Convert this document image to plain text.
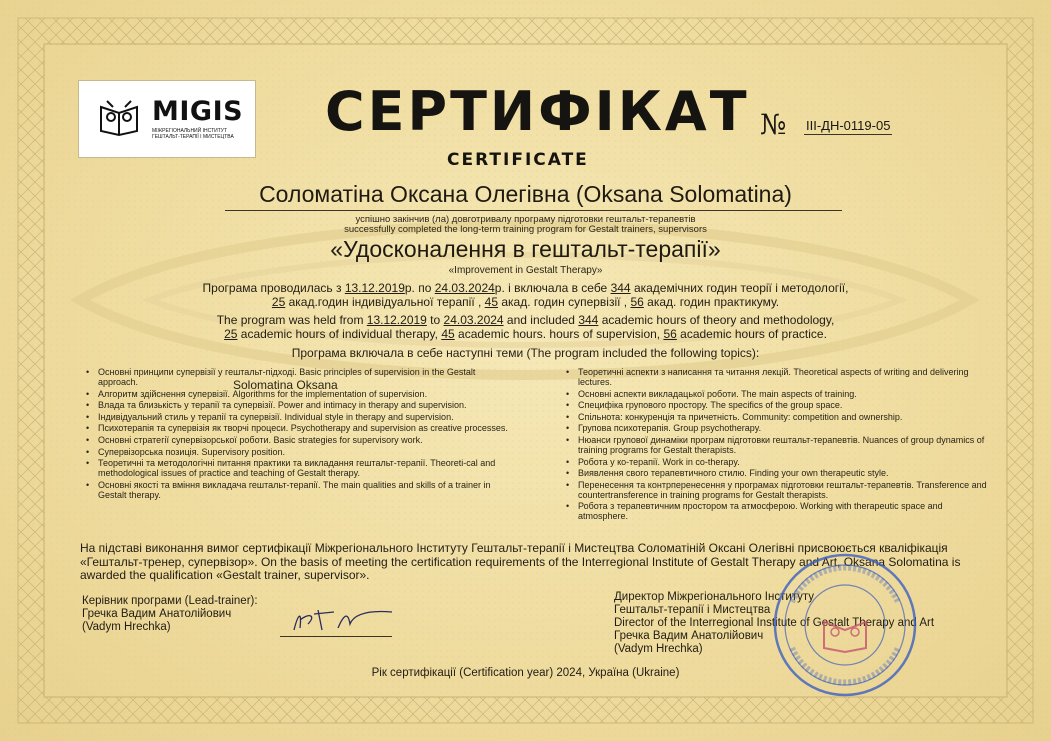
MIGIS
МІЖРЕГІОНАЛЬНИЙ ІНСТИТУТ ГЕШТАЛЬТ-ТЕРАПІЇ І МИСТЕЦТВА СЕРТИФІКАТ
CERTIFICATE
№ III-ДН-0119-05
Соломатіна Оксана Олегівна (Oksana Solomatina)
успішно закінчив (ла) довготривалу програму підготовки гештальт-терапевтів
successfully completed the long-term training program for Gestalt trainers, supervisors
«Удосконалення в гештальт-терапії»
«Improvement in Gestalt Therapy»
Програма проводилась з 13.12.2019р. по 24.03.2024р. і включала в себе 344 академічних годин теорії і методології,
25 акад.годин індивідуальної терапії , 45 акад. годин супервізії , 56 акад. годин практикуму.
The program was held from 13.12.2019 to 24.03.2024 and included 344 academic hours of theory and methodology,
25 academic hours of individual therapy, 45 academic hours. hours of supervision, 56 academic hours of practice.
Програма включала в себе наступні теми (The program included the following topics):
• Основні принципи супервізії у гештальт-підході. Basic principles of supervision in the Gestalt approach.
• Алгоритм здійснення супервізії. Algorithms for the implementation of supervision.
• Влада та близькість у терапії та супервізії. Power and intimacy in therapy and supervision.
• Індивідуальний стиль у терапії та супервізії. Individual style in therapy and supervision.
• Психотерапія та супервізія як творчі процеси. Psychotherapy and supervision as creative processes.
• Основні стратегії супервізорської роботи. Basic strategies for supervisory work.
• Супервізорська позиція. Supervisory position.
• Теоретичні та методологічні питання практики та викладання гештальт-терапії. Theoreti-cal and methodological issues of practice and teaching of Gestalt therapy.
• Основні якості та вміння викладача гештальт-терапії. The main qualities and skills of a trainer in Gestalt therapy.
• Теоретичні аспекти з написання та читання лекцій. Theoretical aspects of writing and delivering lectures.
• Основні аспекти викладацької роботи. The main aspects of training.
• Специфіка групового простору. The specifics of the group space.
• Спільнота: конкуренція та причетність. Community: competition and ownership.
• Групова психотерапія. Group psychotherapy.
• Нюанси групової динаміки програм підготовки гештальт-терапевтів. Nuances of group dynamics of training programs for Gestalt therapists.
• Робота у ко-терапії. Work in co-therapy.
• Виявлення свого терапевтичного стилю. Finding your own therapeutic style.
• Перенесення та контрперенесення у програмах підготовки гештальт-терапевтів. Transference and countertransference in training programs for Gestalt therapists.
• Робота з терапевтичним простором та атмосферою. Working with therapeutic space and atmosphere.
Solomatina Oksana
На підставі виконання вимог сертифікації Міжрегіонального Інституту Гештальт-терапії і Мистецтва Соломатіній Оксані Олегівні присвоюється кваліфікація «Гештальт-тренер, супервізор». On the basis of meeting the certification requirements of the Interregional Institute of Gestalt Therapy and Art, Oksana Solomatina is awarded the qualification «Gestalt trainer, supervisor».
Керівник програми (Lead-trainer):
Гречка Вадим Анатолійович
(Vadym Hrechka)
Директор Міжрегіонального Інституту
Гештальт-терапії і Мистецтва
Director of the Interregional Institute of Gestalt Therapy and Art
Гречка Вадим Анатолійович
(Vadym Hrechka)
Рік сертифікації (Certification year) 2024, Україна (Ukraine)
